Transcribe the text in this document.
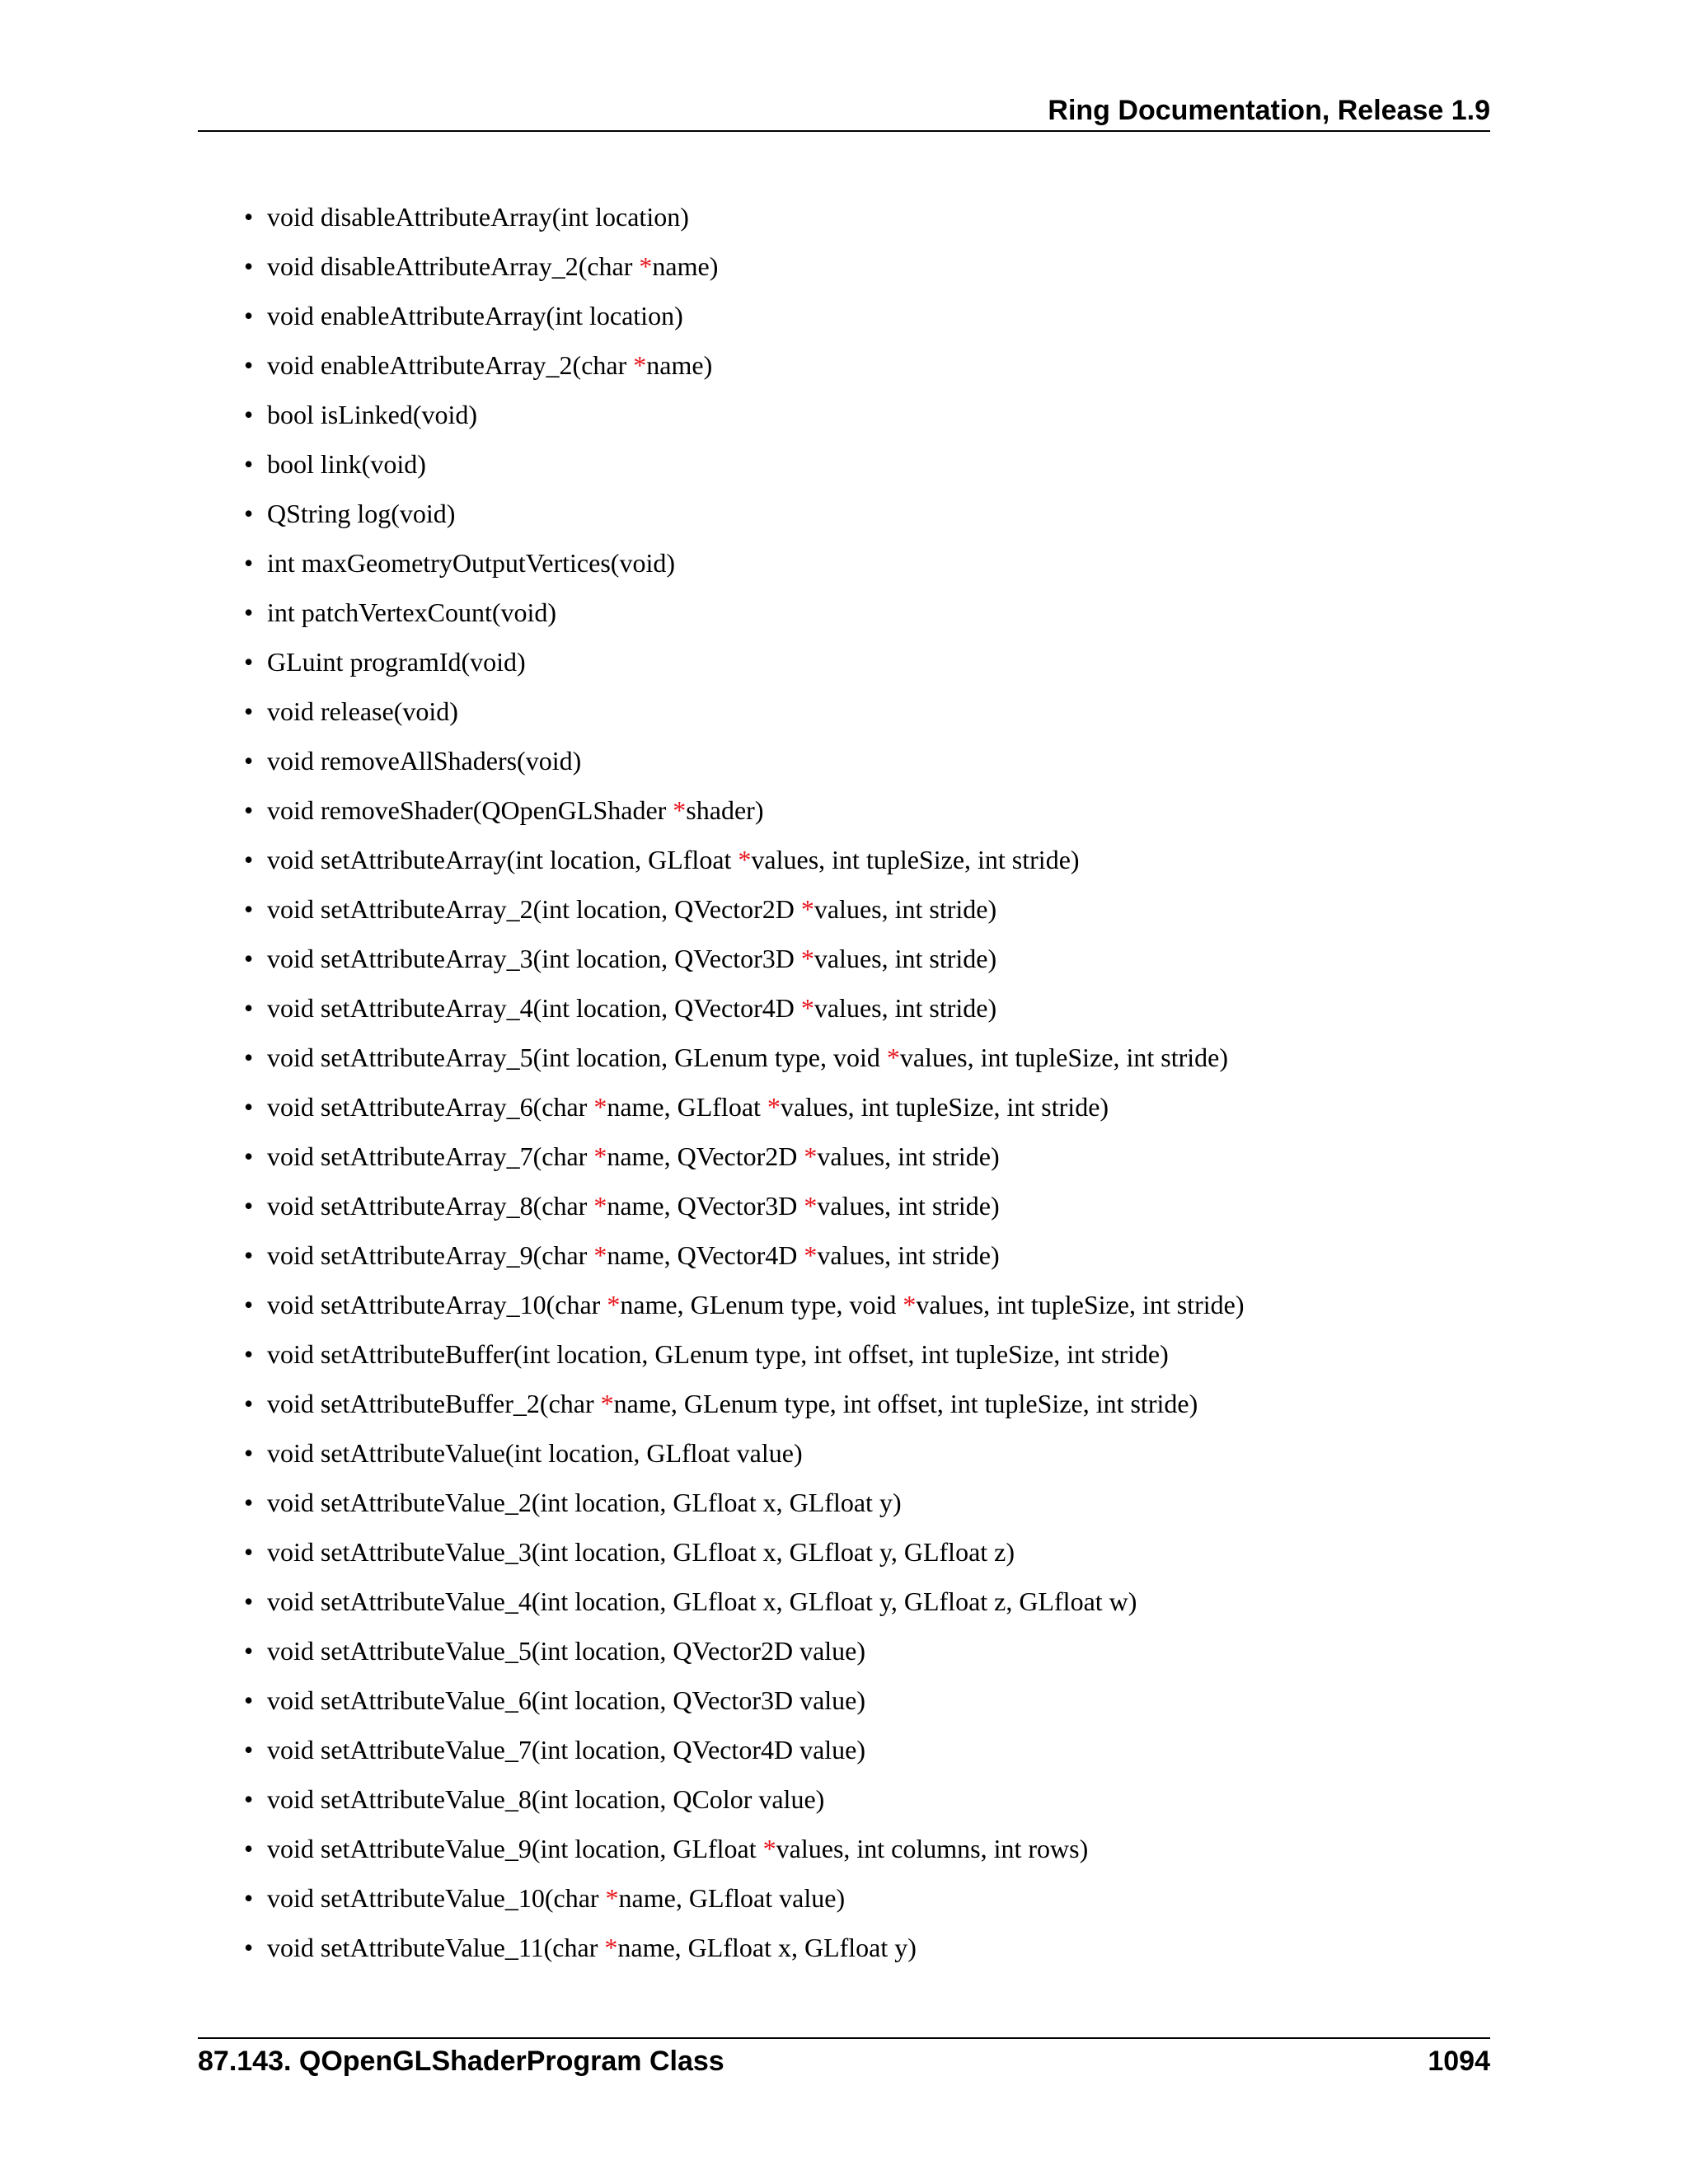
Ring Documentation, Release 1.9
• void disableAttributeArray(int location)
• void disableAttributeArray_2(char *name)
• void enableAttributeArray(int location)
• void enableAttributeArray_2(char *name)
• bool isLinked(void)
• bool link(void)
• QString log(void)
• int maxGeometryOutputVertices(void)
• int patchVertexCount(void)
• GLuint programId(void)
• void release(void)
• void removeAllShaders(void)
• void removeShader(QOpenGLShader *shader)
• void setAttributeArray(int location, GLfloat *values, int tupleSize, int stride)
• void setAttributeArray_2(int location, QVector2D *values, int stride)
• void setAttributeArray_3(int location, QVector3D *values, int stride)
• void setAttributeArray_4(int location, QVector4D *values, int stride)
• void setAttributeArray_5(int location, GLenum type, void *values, int tupleSize, int stride)
• void setAttributeArray_6(char *name, GLfloat *values, int tupleSize, int stride)
• void setAttributeArray_7(char *name, QVector2D *values, int stride)
• void setAttributeArray_8(char *name, QVector3D *values, int stride)
• void setAttributeArray_9(char *name, QVector4D *values, int stride)
• void setAttributeArray_10(char *name, GLenum type, void *values, int tupleSize, int stride)
• void setAttributeBuffer(int location, GLenum type, int offset, int tupleSize, int stride)
• void setAttributeBuffer_2(char *name, GLenum type, int offset, int tupleSize, int stride)
• void setAttributeValue(int location, GLfloat value)
• void setAttributeValue_2(int location, GLfloat x, GLfloat y)
• void setAttributeValue_3(int location, GLfloat x, GLfloat y, GLfloat z)
• void setAttributeValue_4(int location, GLfloat x, GLfloat y, GLfloat z, GLfloat w)
• void setAttributeValue_5(int location, QVector2D value)
• void setAttributeValue_6(int location, QVector3D value)
• void setAttributeValue_7(int location, QVector4D value)
• void setAttributeValue_8(int location, QColor value)
• void setAttributeValue_9(int location, GLfloat *values, int columns, int rows)
• void setAttributeValue_10(char *name, GLfloat value)
• void setAttributeValue_11(char *name, GLfloat x, GLfloat y)
87.143. QOpenGLShaderProgram Class	1094
